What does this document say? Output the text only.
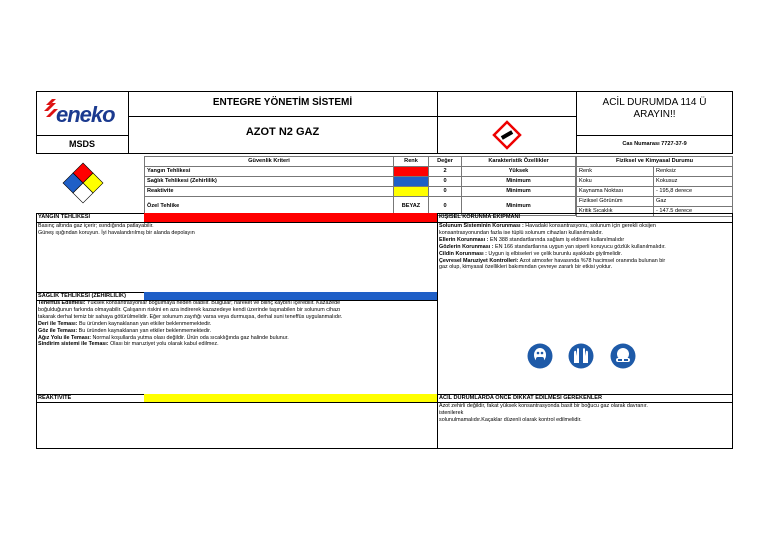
eneko
MSDS
ENTEGRE YÖNETİM SİSTEMİ
AZOT N2 GAZ
ACİL DURUMDA 114 Ü
ARAYIN!!
Cas Numarası 7727-37-9
Güvenlik Kriteri	Renk	Değer	Karakteristik Özellikler
Yangın Tehlikesi		2	Yüksek
Sağlık Tehlikesi (Zehirlilik)		0	Minimum
Reaktivite		0	Minimum
Özel Tehlike	BEYAZ	0	Minimum
Fiziksel ve Kimyasal Durumu	
Renk	Renksiz
Koku	Kokusuz
Kaynama Noktası	- 195,8 derece
Fiziksel Görünüm	Gaz
Kritik Sıcaklık	- 147.5 derece
YANGIN TEHLİKESİ
Basınç altında gaz içerir; ısındığında patlayabilir.
Güneş ışığından koruyun. İyi havalandırılmış bir alanda depolayın
KİŞİSEL KORUNMA EKİPMANI
Solunum Sisteminin Korunması : Havadaki konsantrasyonu, solunum için gerekli oksijen
konsantrasyonundan fazla ise tüplü solunum cihazları kullanılmalıdır.
Ellerin Korunması : EN 388 standartlarında sağlam iş eldiveni kullanılmalıdır
Gözlerin Korunması : EN 166 standartlarına uygun yan siperli koruyucu gözlük kullanılmalıdır.
Cildin Korunması : Uygun iş elbiseleri ve çelik burunlu ayakkabı giyilmelidir.
Çevresel Maruziyet Kontrolleri: Azot atmosfer havasında %78 hacimsel oranında bulunan bir
gaz olup, kimyasal özellikleri bakımından çevreye zararlı bir etkisi yoktur.
SAĞLIK TEHLİKESİ (ZEHİRLİLİK)
Teneffüs Edilmesi: Yüksek konsantrasyonlar boğulmaya neden olabilir. Bulgular; hareket ve bilinç kaybını içerebilir. Kazazede
boğulduğunun farkında olmayabilir. Çalışanın riskini en aza indirerek kazazedeye kendi üzerinde taşınabilen bir solunum cihazı
takarak derhal temiz bir sahaya götürülmelidir. Eğer solunum zayıfığı varsa veya durmuşsa, derhal suni teneffüs uygulanmalıdır.
Deri ile Teması: Bu üründen kaynaklanan yan etkiler beklenmemektedir.
Göz ile Teması: Bu üründen kaynaklanan yan etkiler beklenmemektedir.
Ağız Yolu ile Teması: Normal koşullarda yutma olası değildir. Ürün oda sıcaklığında gaz halinde bulunur.
Sindirim sistemi ile Teması: Olası bir maruziyet yolu olarak kabul edilmez.
REAKTİVİTE	ACİL DURUMLARDA ÖNCE DİKKAT EDİLMESİ GEREKENLER
Azot zehirli değildir, fakat yüksek konsantrasyonda basit bir boğucu gaz olarak davranır.
istenilerek
solunulmamalıdır.Kaçaklar düzenli olarak kontrol edilmelidir.
